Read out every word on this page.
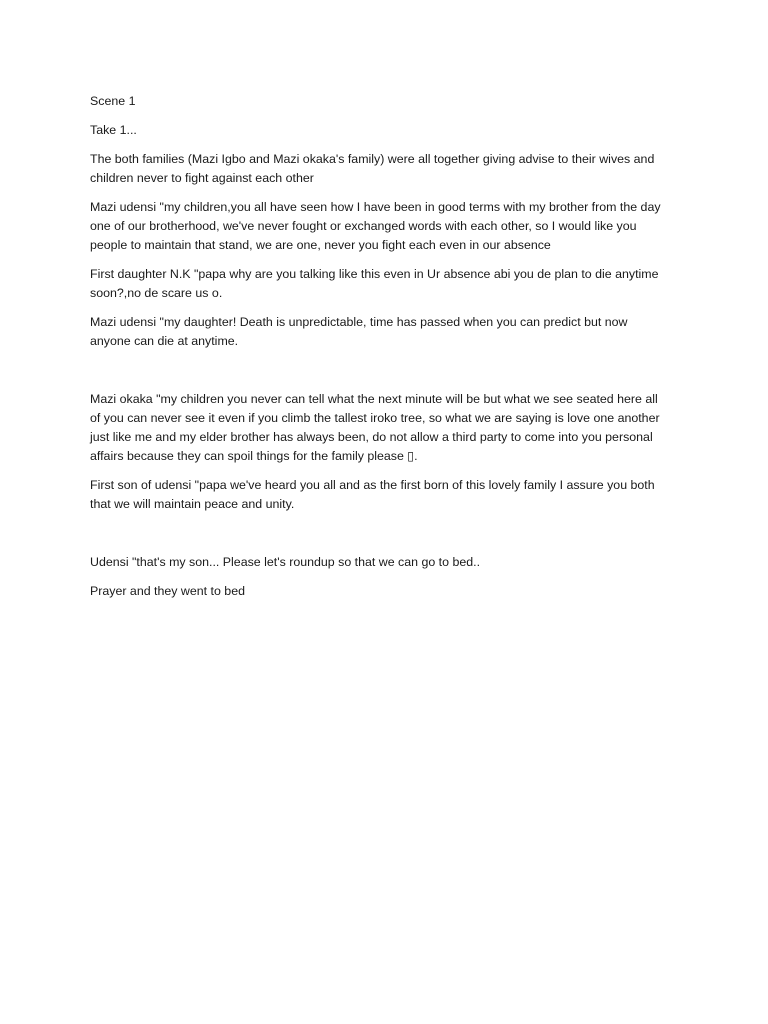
Scene 1

Take 1...

The both families (Mazi Igbo and Mazi okaka's family) were all together giving advise to their wives and
children never to fight against each other

Mazi udensi "my children,you all have seen how I have been in good terms with my brother from the day
one of our brotherhood, we've never fought or exchanged words with each other, so I would like you
people to maintain that stand, we are one, never you fight each even in our absence

First daughter N.K "papa why are you talking like this even in Ur absence abi you de plan to die anytime
soon?,no de scare us o.

Mazi udensi "my daughter! Death is unpredictable, time has passed when you can predict but now
anyone can die at anytime.

Mazi okaka "my children you never can tell what the next minute will be but what we see seated here all
of you can never see it even if you climb the tallest iroko tree, so what we are saying is love one another
just like me and my elder brother has always been, do not allow a third party to come into you personal
affairs because they can spoil things for the family please ▯.

First son of udensi "papa we've heard you all and as the first born of this lovely family I assure you both
that we will maintain peace and unity.

Udensi "that's my son... Please let's roundup so that we can go to bed..

Prayer and they went to bed
